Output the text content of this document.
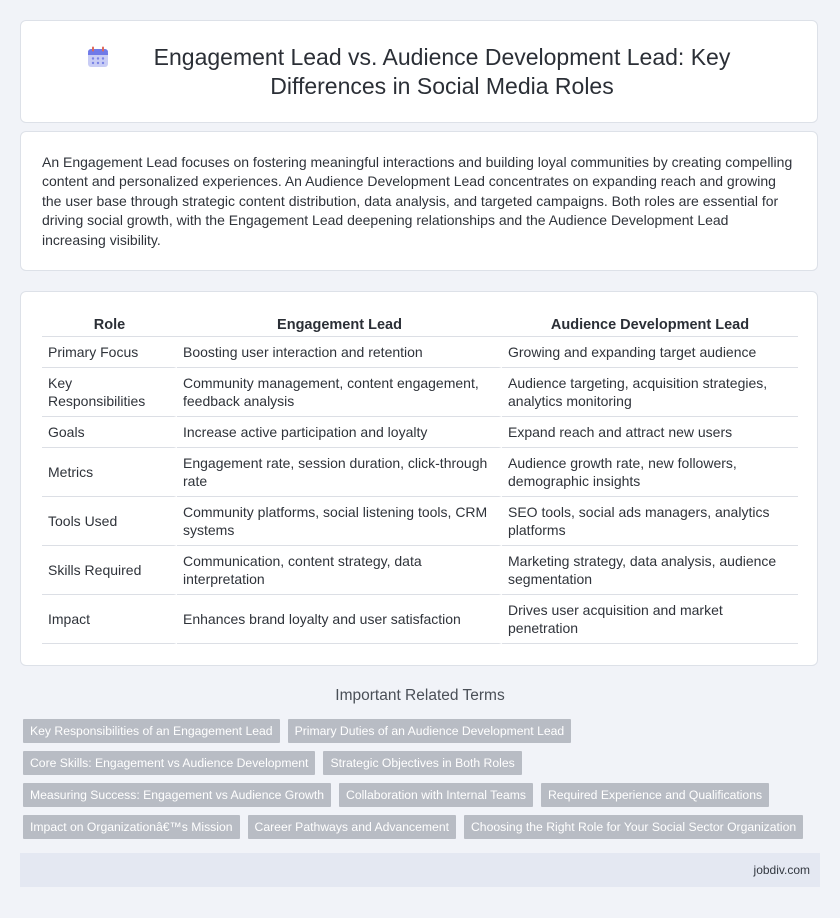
Engagement Lead vs. Audience Development Lead: Key Differences in Social Media Roles

An Engagement Lead focuses on fostering meaningful interactions and building loyal communities by creating compelling content and personalized experiences. An Audience Development Lead concentrates on expanding reach and growing the user base through strategic content distribution, data analysis, and targeted campaigns. Both roles are essential for driving social growth, with the Engagement Lead deepening relationships and the Audience Development Lead increasing visibility.

Role	Engagement Lead	Audience Development Lead
Primary Focus	Boosting user interaction and retention	Growing and expanding target audience
Key Responsibilities	Community management, content engagement, feedback analysis	Audience targeting, acquisition strategies, analytics monitoring
Goals	Increase active participation and loyalty	Expand reach and attract new users
Metrics	Engagement rate, session duration, click-through rate	Audience growth rate, new followers, demographic insights
Tools Used	Community platforms, social listening tools, CRM systems	SEO tools, social ads managers, analytics platforms
Skills Required	Communication, content strategy, data interpretation	Marketing strategy, data analysis, audience segmentation
Impact	Enhances brand loyalty and user satisfaction	Drives user acquisition and market penetration
Important Related Terms
Key Responsibilities of an Engagement Lead	Primary Duties of an Audience Development Lead
Core Skills: Engagement vs Audience Development	Strategic Objectives in Both Roles
Measuring Success: Engagement vs Audience Growth	Collaboration with Internal Teams	Required Experience and Qualifications
Impact on Organizationâ€™s Mission	Career Pathways and Advancement	Choosing the Right Role for Your Social Sector Organization
jobdiv.com
